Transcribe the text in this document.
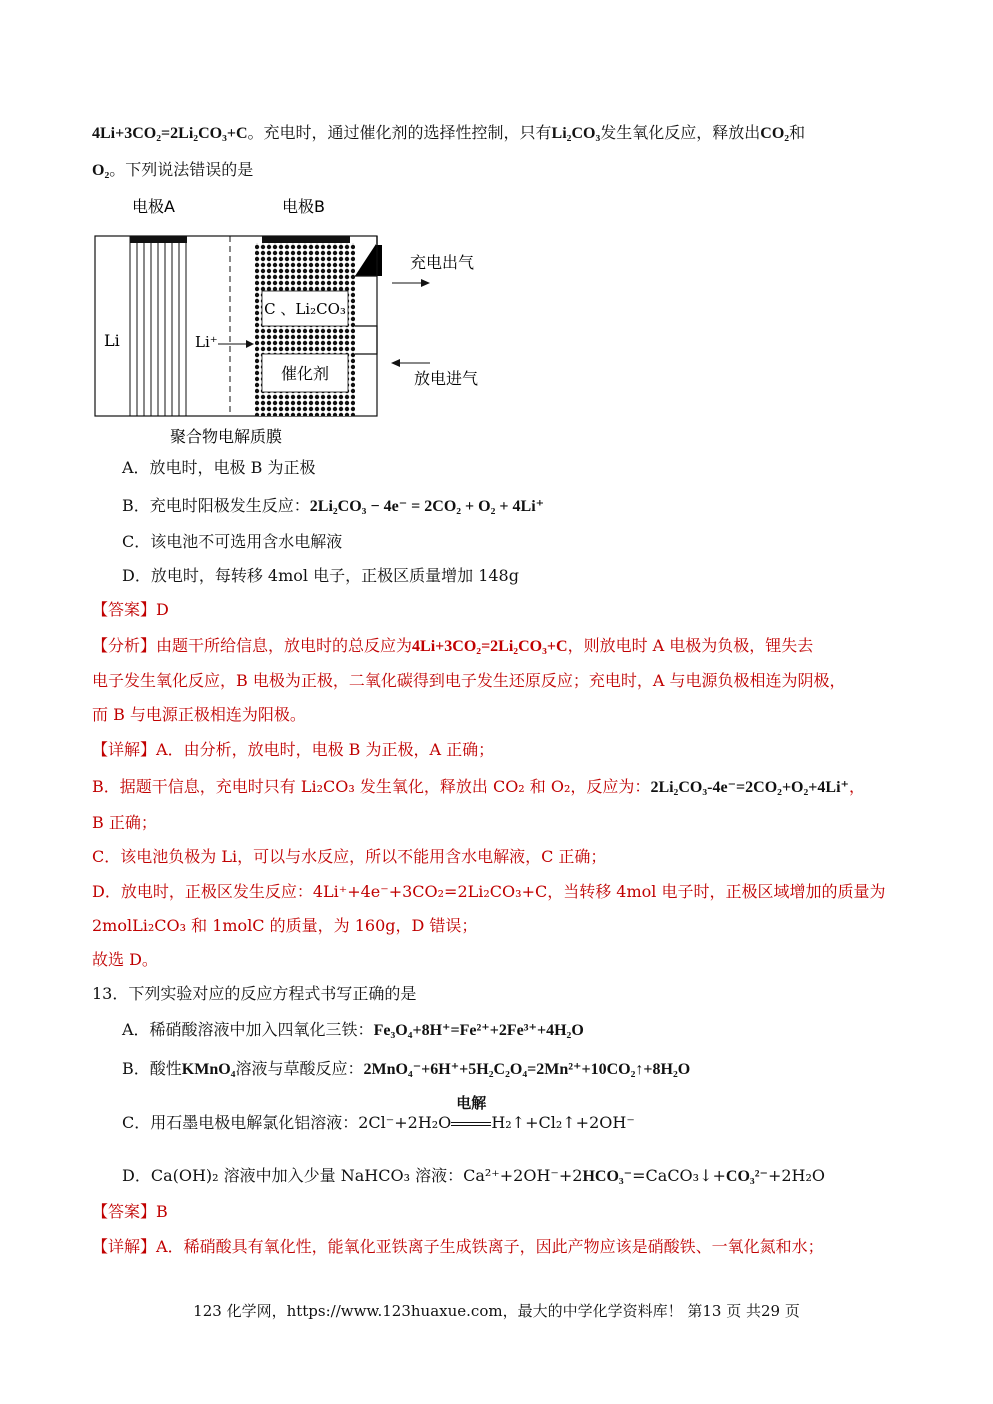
4Li+3CO₂=2Li₂CO₃+C。充电时，通过催化剂的选择性控制，只有Li₂CO₃发生氧化反应，释放出CO₂和
O₂。下列说法错误的是
电极A	电极B
Li	Li⁺
C 、Li₂CO₃
催化剂
充电出气
放电进气
聚合物电解质膜
A．放电时，电极 B 为正极
B．充电时阳极发生反应：2Li₂CO₃ − 4e⁻ = 2CO₂ + O₂ + 4Li⁺
C．该电池不可选用含水电解液
D．放电时，每转移 4mol 电子，正极区质量增加 148g
【答案】D
【分析】由题干所给信息，放电时的总反应为4Li+3CO₂=2Li₂CO₃+C，则放电时 A 电极为负极，锂失去
电子发生氧化反应，B 电极为正极，二氧化碳得到电子发生还原反应；充电时，A 与电源负极相连为阴极，
而 B 与电源正极相连为阳极。
【详解】A．由分析，放电时，电极 B 为正极，A 正确；
B．据题干信息，充电时只有 Li₂CO₃ 发生氧化，释放出 CO₂ 和 O₂，反应为：2Li₂CO₃-4e⁻=2CO₂+O₂+4Li⁺，
B 正确；
C．该电池负极为 Li，可以与水反应，所以不能用含水电解液，C 正确；
D．放电时，正极区发生反应：4Li⁺+4e⁻+3CO₂=2Li₂CO₃+C，当转移 4mol 电子时，正极区域增加的质量为
2molLi₂CO₃ 和 1molC 的质量，为 160g，D 错误；
故选 D。
13．下列实验对应的反应方程式书写正确的是
A．稀硝酸溶液中加入四氧化三铁：Fe₃O₄+8H⁺=Fe²⁺+2Fe³⁺+4H₂O
B．酸性KMnO₄溶液与草酸反应：2MnO₄⁻+6H⁺+5H₂C₂O₄=2Mn²⁺+10CO₂↑+8H₂O
C．用石墨电极电解氯化铝溶液：2Cl⁻+2H₂O
电解
H₂↑+Cl₂↑+2OH⁻
D．Ca(OH)₂ 溶液中加入少量 NaHCO₃ 溶液：Ca²⁺+2OH⁻+2HCO₃⁻=CaCO₃↓+CO₃²⁻+2H₂O
【答案】B
【详解】A．稀硝酸具有氧化性，能氧化亚铁离子生成铁离子，因此产物应该是硝酸铁、一氧化氮和水；
123 化学网，https://www.123huaxue.com，最大的中学化学资料库！ 第13 页 共29 页
